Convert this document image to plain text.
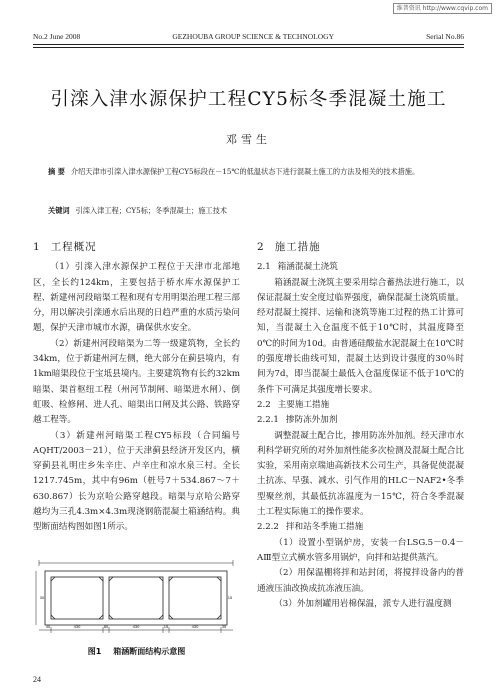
维普资讯 http://www.cqvip.com
No.2 June 2008	GEZHOUBA GROUP SCIENCE & TECHNOLOGY	Serial No.86
引滦入津水源保护工程CY5标冬季混凝土施工
邓雪生
摘 要 介绍天津市引滦入津水源保护工程CY5标段在－15℃的低温状态下进行混凝土施工的方法及相关的技术措施。
关键词 引滦入津工程；CY5标；冬季混凝土；施工技术
1 工程概况
（1）引滦入津水源保护工程位于天津市北部地区，全长约124km，主要包括于桥水库水源保护工程、新建州河段暗渠工程和现有专用明渠治理工程三部分，用以解决引滦通水后出现的日趋严重的水质污染问题，保护天津市城市水源，确保供水安全。
（2）新建州河段暗渠为二等一级建筑物，全长约34km，位于新建州河左侧，绝大部分在蓟县境内，有1km暗渠段位于宝坻县境内。主要建筑物有长约32km暗渠、渠首枢纽工程（州河节制闸、暗渠进水闸）、倒虹吸、检修闸、进人孔、暗渠出口闸及其公路、铁路穿越工程等。
（3）新建州河暗渠工程CY5标段（合同编号AQHT/2003－21），位于天津蓟县经济开发区内，横穿蓟县礼明庄乡朱辛庄、卢辛庄和凉水泉三村。全长1217.745m，其中有96m（桩号7＋534.867～7＋630.867）长为京哈公路穿越段。暗渠与京哈公路穿越均为三孔4.3m×4.3m现浇钢筋混凝土箱涵结构。典型断面结构图如图1所示。
2 施工措施
2.1 箱涵混凝土浇筑
箱涵混凝土浇筑主要采用综合蓄热法进行施工，以保证混凝土安全度过临界强度，确保混凝土浇筑质量。经对混凝土搅拌、运输和浇筑等施工过程的热工计算可知，当混凝土入仓温度不低于10℃时，其温度降至0℃的时间为10d。由普通硅酸盐水泥混凝土在10℃时的强度增长曲线可知，混凝土达到设计强度的30％时间为7d，即当混凝土最低入仓温度保证不低于10℃的条件下可满足其强度增长要求。
2.2 主要施工措施
2.2.1 掺防冻外加剂
调整混凝土配合比，掺用防冻外加剂。经天津市水利科学研究所的对外加剂性能多次检测及混凝土配合比实验，采用南京瑞迪高新技术公司生产，具备促使混凝土抗冻、早强、减水、引气作用的HLC－NAF2•冬季型聚丝剂，其最低抗冻温度为－15℃，符合冬季混凝土工程实际施工的操作要求。
2.2.2 拌和站冬季施工措施
（1）设置小型锅炉房，安装一台LSG.5－0.4－AⅢ型立式横水管多用锅炉，向拌和站提供蒸汽。
（2）用保温棚将拌和站封闭，将搅拌设备内的普通液压油改换成抗冻液压油。
（3）外加剂罐用岩棉保温，派专人进行温度测
430	430	430
80
40	15	35
30	15
图1 箱涵断面结构示意图
24
